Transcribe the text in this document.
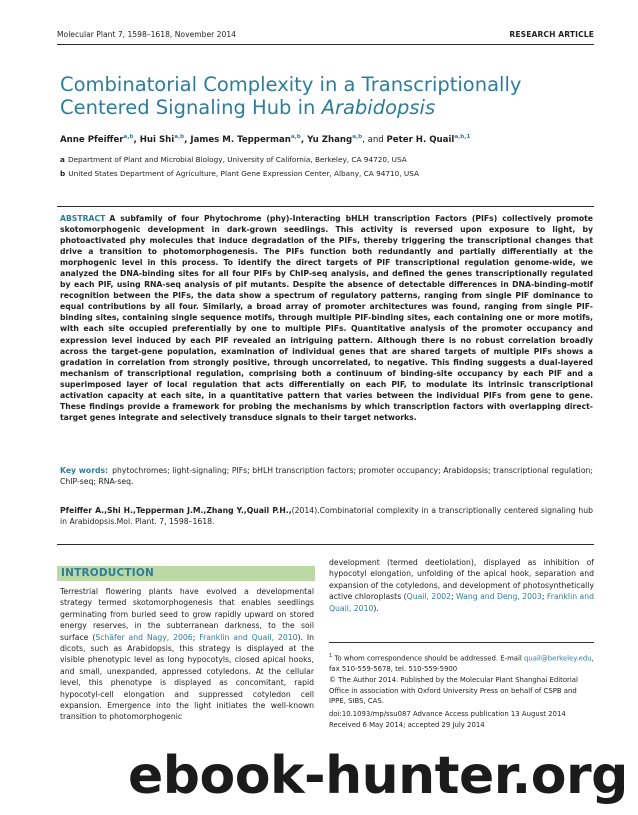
Molecular Plant 7, 1598–1618, November 2014	RESEARCH ARTICLE
Combinatorial Complexity in a Transcriptionally Centered Signaling Hub in Arabidopsis
Anne Pfeiffer$^{a,b}$, Hui Shi$^{a,b}$, James M. Tepperman$^{a,b}$, Yu Zhang$^{a,b}$, and Peter H. Quail$^{a,b,1}$
a Department of Plant and Microbial Biology, University of California, Berkeley, CA 94720, USA
b United States Department of Agriculture, Plant Gene Expression Center, Albany, CA 94710, USA
ABSTRACT A subfamily of four Phytochrome (phy)-Interacting bHLH transcription Factors (PIFs) collectively promote skotomorphogenic development in dark-grown seedlings. This activity is reversed upon exposure to light, by photoactivated phy molecules that induce degradation of the PIFs, thereby triggering the transcriptional changes that drive a transition to photomorphogenesis. The PIFs function both redundantly and partially differentially at the morphogenic level in this process. To identify the direct targets of PIF transcriptional regulation genome-wide, we analyzed the DNA-binding sites for all four PIFs by ChIP-seq analysis, and defined the genes transcriptionally regulated by each PIF, using RNA-seq analysis of pif mutants. Despite the absence of detectable differences in DNA-binding-motif recognition between the PIFs, the data show a spectrum of regulatory patterns, ranging from single PIF dominance to equal contributions by all four. Similarly, a broad array of promoter architectures was found, ranging from single PIF-binding sites, containing single sequence motifs, through multiple PIF-binding sites, each containing one or more motifs, with each site occupied preferentially by one to multiple PIFs. Quantitative analysis of the promoter occupancy and expression level induced by each PIF revealed an intriguing pattern. Although there is no robust correlation broadly across the target-gene population, examination of individual genes that are shared targets of multiple PIFs shows a gradation in correlation from strongly positive, through uncorrelated, to negative. This finding suggests a dual-layered mechanism of transcriptional regulation, comprising both a continuum of binding-site occupancy by each PIF and a superimposed layer of local regulation that acts differentially on each PIF, to modulate its intrinsic transcriptional activation capacity at each site, in a quantitative pattern that varies between the individual PIFs from gene to gene. These findings provide a framework for probing the mechanisms by which transcription factors with overlapping direct-target genes integrate and selectively transduce signals to their target networks.
Key words: phytochromes; light-signaling; PIFs; bHLH transcription factors; promoter occupancy; Arabidopsis; transcriptional regulation; ChIP-seq; RNA-seq.
Pfeiffer A.,Shi H.,Tepperman J.M.,Zhang Y.,Quail P.H.,(2014).Combinatorial complexity in a transcriptionally centered signaling hub in Arabidopsis.Mol. Plant. 7, 1598–1618.
INTRODUCTION
Terrestrial flowering plants have evolved a developmental strategy termed skotomorphogenesis that enables seedlings germinating from buried seed to grow rapidly upward on stored energy reserves, in the subterranean darkness, to the soil surface (Schäfer and Nagy, 2006; Franklin and Quail, 2010). In dicots, such as Arabidopsis, this strategy is displayed at the visible phenotypic level as long hypocotyls, closed apical hooks, and small, unexpanded, appressed cotyledons. At the cellular level, this phenotype is displayed as concomitant, rapid hypocotyl-cell elongation and suppressed cotyledon cell expansion. Emergence into the light initiates the well-known transition to photomorphogenic
development (termed deetiolation), displayed as inhibition of hypocotyl elongation, unfolding of the apical hook, separation and expansion of the cotyledons, and development of photosynthetically active chloroplasts (Quail, 2002; Wang and Deng, 2003; Franklin and Quail, 2010).
$^1$ To whom correspondence should be addressed. E-mail quail@berkeley.edu, fax 510-559-5678, tel. 510-559-5900
© The Author 2014. Published by the Molecular Plant Shanghai Editorial Office in association with Oxford University Press on behalf of CSPB and IPPE, SIBS, CAS.
doi:10.1093/mp/ssu087 Advance Access publication 13 August 2014
Received 6 May 2014; accepted 29 July 2014
ebook-hunter.org
